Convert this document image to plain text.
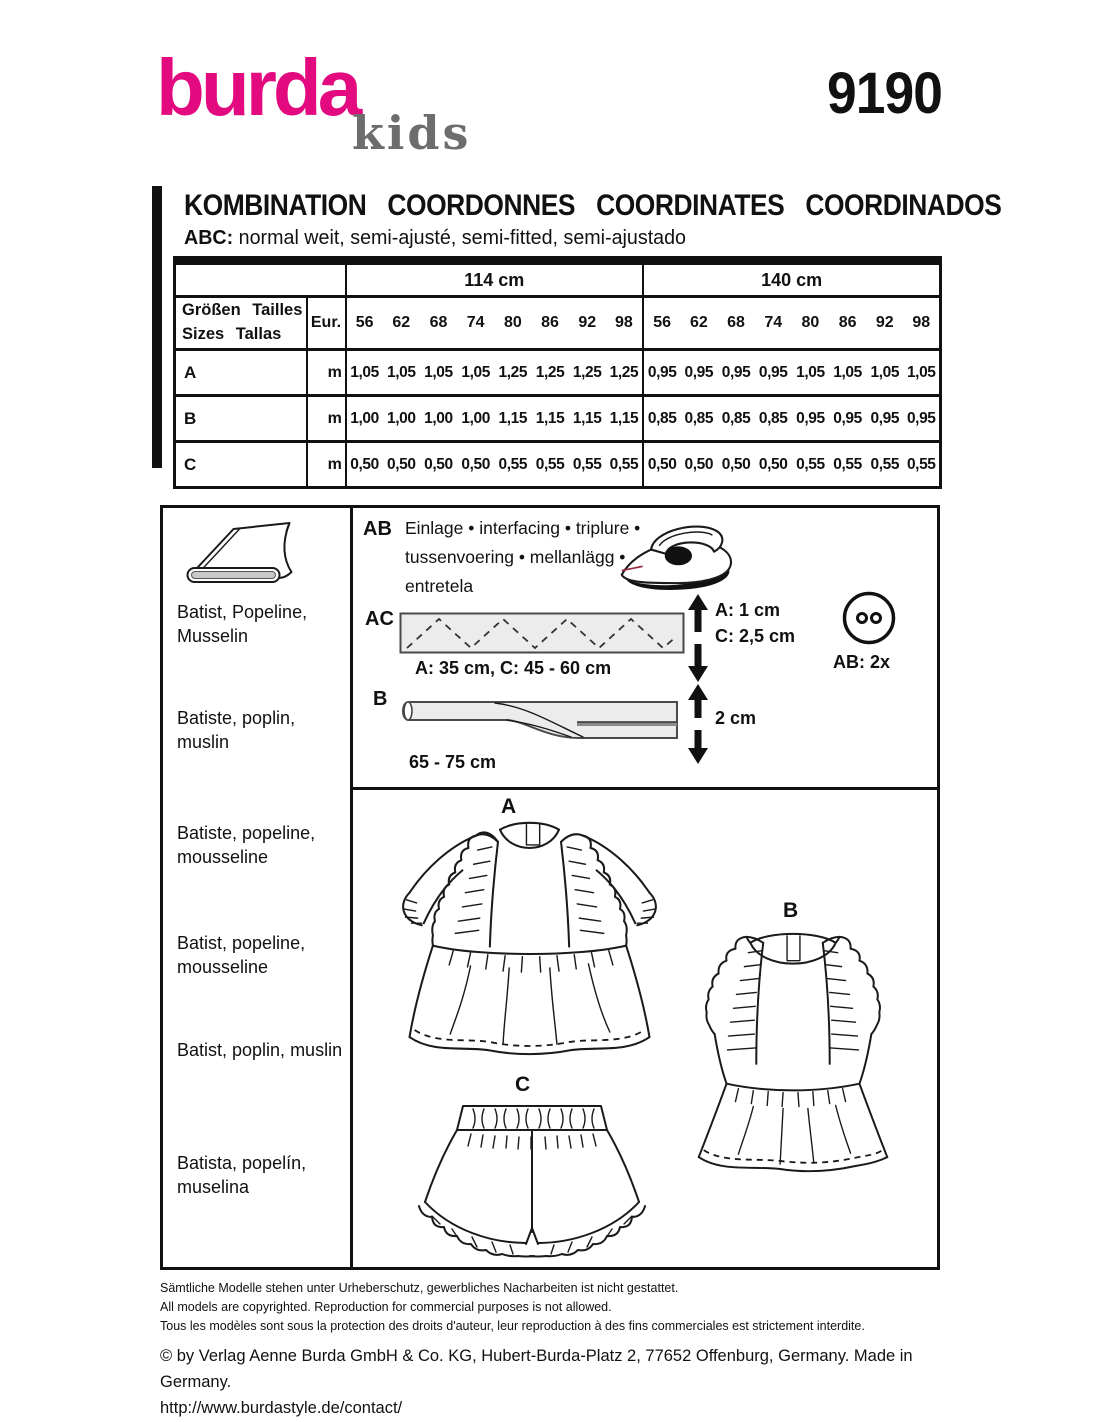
burda
kids
9190
KOMBINATION COORDONNES COORDINATES COORDINADOS
ABC: normal weit, semi-ajusté, semi-fitted, semi-ajustado
		114 cm								140 cm							

Größen Tailles
Sizes Tallas	Eur.	56	62	68	74	80	86	92	98	56	62	68	74	80	86	92	98
A	m	1,05	1,05	1,05	1,05	1,25	1,25	1,25	1,25	0,95	0,95	0,95	0,95	1,05	1,05	1,05	1,05
B	m	1,00	1,00	1,00	1,00	1,15	1,15	1,15	1,15	0,85	0,85	0,85	0,85	0,95	0,95	0,95	0,95
C	m	0,50	0,50	0,50	0,50	0,55	0,55	0,55	0,55	0,50	0,50	0,50	0,50	0,55	0,55	0,55	0,55
Batist, Popeline, Musselin
Batiste, poplin, muslin
Batiste, popeline, mousseline
Batist, popeline, mousseline
Batist, poplin, muslin
Batista, popelín, muselina
AB Einlage • interfacing • triplure •
tussenvoering • mellanlägg •
entretela
AC
A: 35 cm, C: 45 - 60 cm
A: 1 cm
C: 2,5 cm
AB: 2x
B
65 - 75 cm
2 cm
A
B
C
Sämtliche Modelle stehen unter Urheberschutz, gewerbliches Nacharbeiten ist nicht gestattet.
All models are copyrighted. Reproduction for commercial purposes is not allowed.
Tous les modèles sont sous la protection des droits d'auteur, leur reproduction à des fins commerciales est strictement interdite.
© by Verlag Aenne Burda GmbH & Co. KG, Hubert-Burda-Platz 2, 77652 Offenburg, Germany. Made in Germany.
http://www.burdastyle.de/contact/
